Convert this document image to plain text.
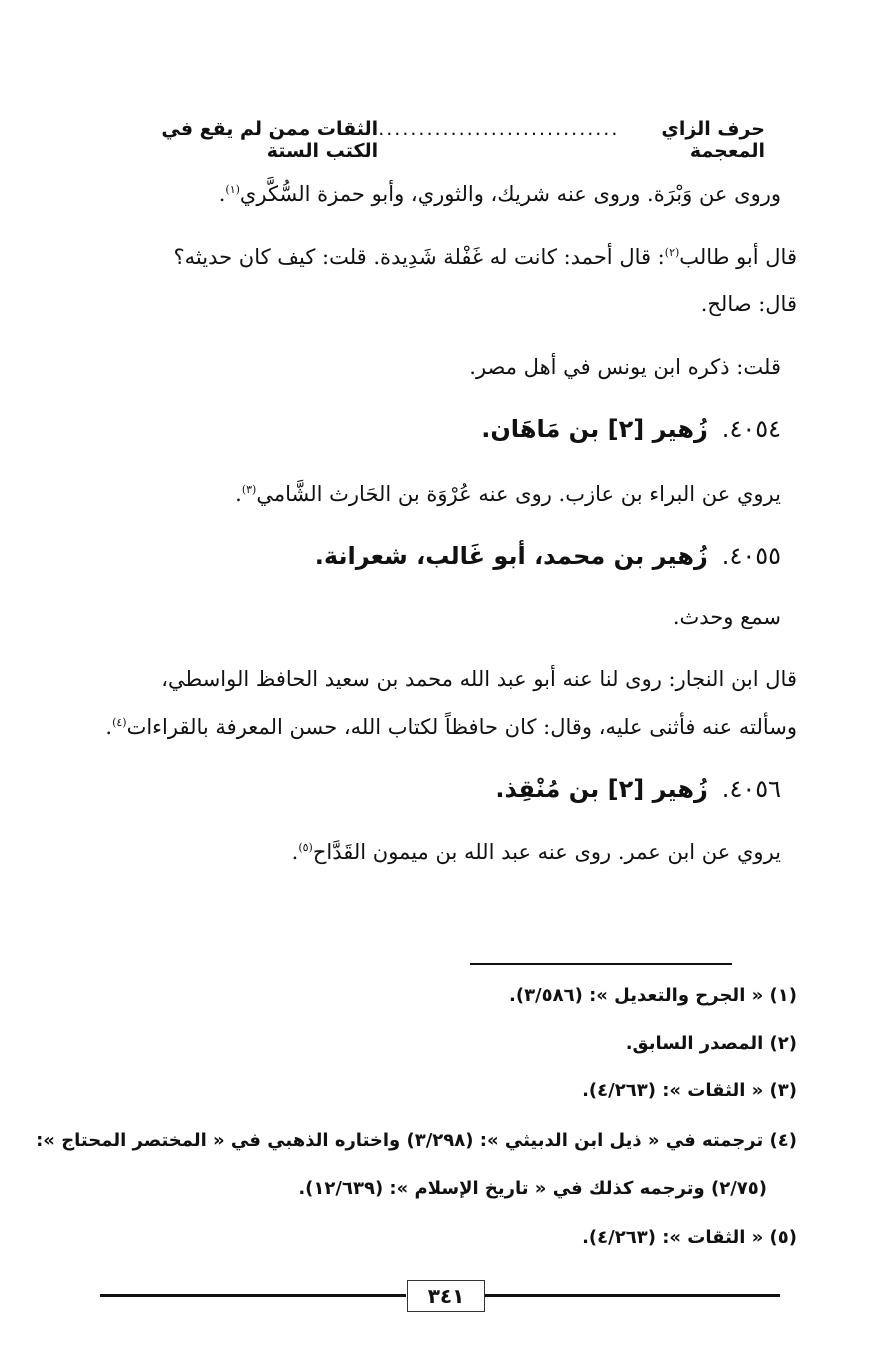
حرف الزاي المعجمة
..............................
الثقات ممن لم يقع في الكتب الستة
وروى عن وَبْرَة. وروى عنه شريك، والثوري، وأبو حمزة السُّكَّري$^{(١)}$.
قال أبو طالب$^{(٢)}$: قال أحمد: كانت له غَفْلة شَدِيدة. قلت: كيف كان حديثه؟
قال: صالح.
قلت: ذكره ابن يونس في أهل مصر.
٤٠٥٤.زُهير [٢] بن مَاهَان.
يروي عن البراء بن عازب. روى عنه عُرْوَة بن الحَارث الشَّامي$^{(٣)}$.
٤٠٥٥.زُهير بن محمد، أبو غَالب، شعرانة.
سمع وحدث.
قال ابن النجار: روى لنا عنه أبو عبد الله محمد بن سعيد الحافظ الواسطي،
وسألته عنه فأثنى عليه، وقال: كان حافظاً لكتاب الله، حسن المعرفة بالقراءات$^{(٤)}$.
٤٠٥٦.زُهير [٢] بن مُنْقِذ.
يروي عن ابن عمر. روى عنه عبد الله بن ميمون القَدَّاح$^{(٥)}$.
(١) « الجرح والتعديل »: (٣/٥٨٦).
(٢) المصدر السابق.
(٣) « الثقات »: (٤/٢٦٣).
(٤) ترجمته في « ذيل ابن الدبيثي »: (٣/٢٩٨) واختاره الذهبي في « المختصر المحتاج »:
(٢/٧٥) وترجمه كذلك في « تاريخ الإسلام »: (١٢/٦٣٩).
(٥) « الثقات »: (٤/٢٦٣).
٣٤١
